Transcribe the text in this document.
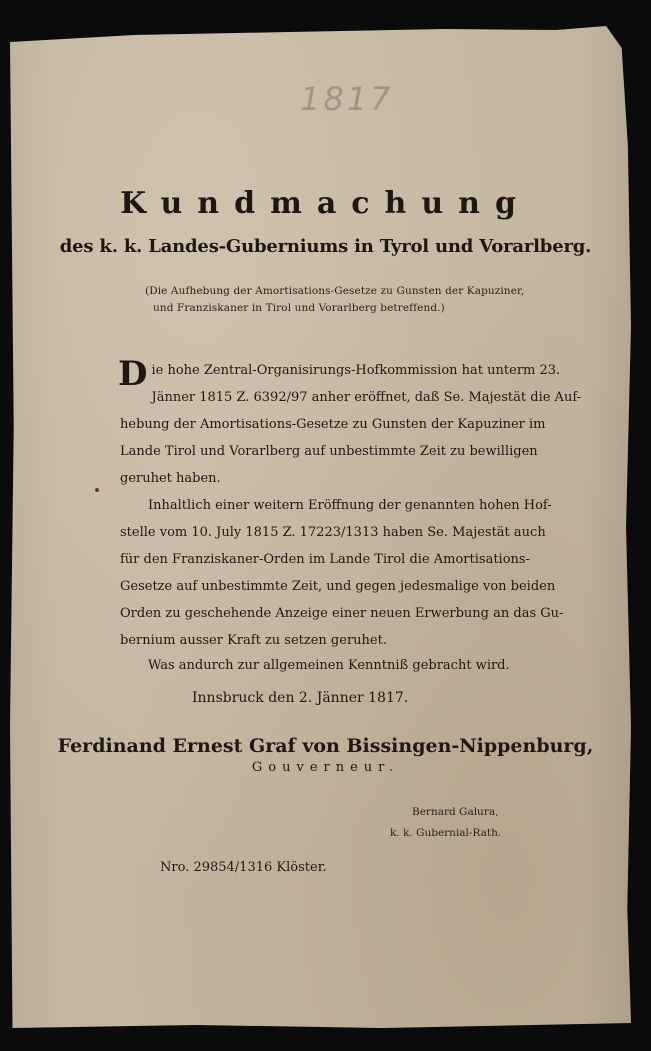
1817
Kundmachung
des k. k. Landes-Guberniums in Tyrol und Vorarlberg.
(Die Aufhebung der Amortisations-Gesetze zu Gunsten der Kapuziner,
und Franziskaner in Tirol und Vorarlberg betreffend.)
D ie hohe Zentral-Organisirungs-Hofkommission hat unterm 23.
Jänner 1815 Z. 6392/97 anher eröffnet, daß Se. Majestät die Auf-
hebung der Amortisations-Gesetze zu Gunsten der Kapuziner im
Lande Tirol und Vorarlberg auf unbestimmte Zeit zu bewilligen
geruhet haben.
Inhaltlich einer weitern Eröffnung der genannten hohen Hof-
stelle vom 10. July 1815 Z. 17223/1313 haben Se. Majestät auch
für den Franziskaner-Orden im Lande Tirol die Amortisations-
Gesetze auf unbestimmte Zeit, und gegen jedesmalige von beiden
Orden zu geschehende Anzeige einer neuen Erwerbung an das Gu-
bernium ausser Kraft zu setzen geruhet.
Was andurch zur allgemeinen Kenntniß gebracht wird.
Innsbruck den 2. Jänner 1817.
Ferdinand Ernest Graf von Bissingen-Nippenburg,
Gouverneur.
Bernard Galura,
k. k. Gubernial-Rath.
Nro. 29854/1316 Klöster.
